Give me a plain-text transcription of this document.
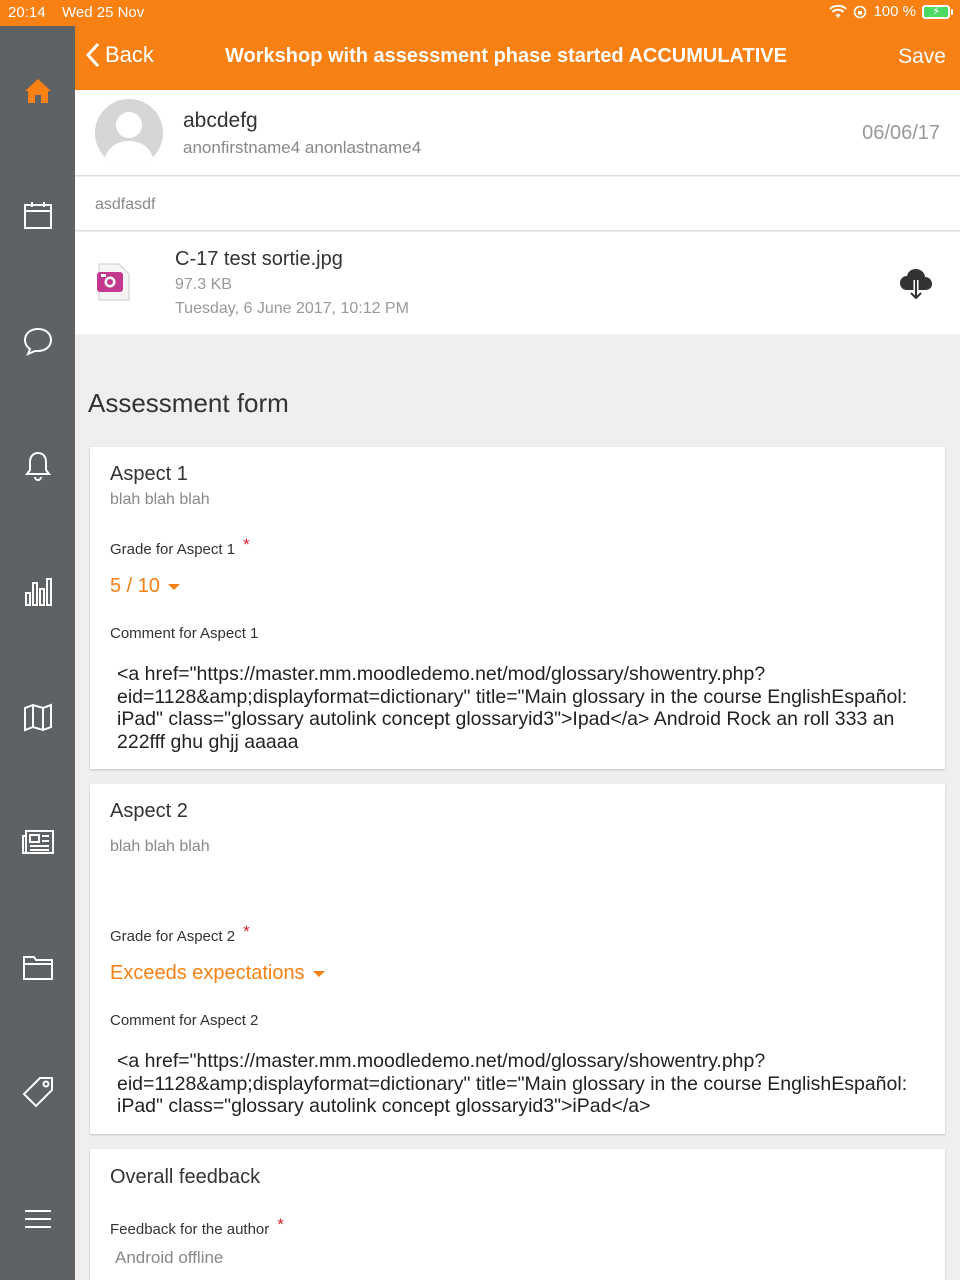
20:14 Wed 25 Nov	100 % ⚡
Back	Workshop with assessment phase started ACCUMULATIVE	Save
abcdefg
anonfirstname4 anonlastname4
06/06/17
asdfasdf
C-17 test sortie.jpg
97.3 KB
Tuesday, 6 June 2017, 10:12 PM
Assessment form
Aspect 1
blah blah blah
Grade for Aspect 1 *
5 / 10
Comment for Aspect 1
<a href="https://master.mm.moodledemo.net/mod/glossary/showentry.php?eid=1128&amp;displayformat=dictionary" title="Main glossary in the course EnglishEspañol: iPad" class="glossary autolink concept glossaryid3">Ipad</a> Android Rock an roll 333 an 222fff ghu ghjj aaaaa
Aspect 2
blah blah blah
Grade for Aspect 2 *
Exceeds expectations
Comment for Aspect 2
<a href="https://master.mm.moodledemo.net/mod/glossary/showentry.php?eid=1128&amp;displayformat=dictionary" title="Main glossary in the course EnglishEspañol: iPad" class="glossary autolink concept glossaryid3">iPad</a>
Overall feedback
Feedback for the author *
Android offline
